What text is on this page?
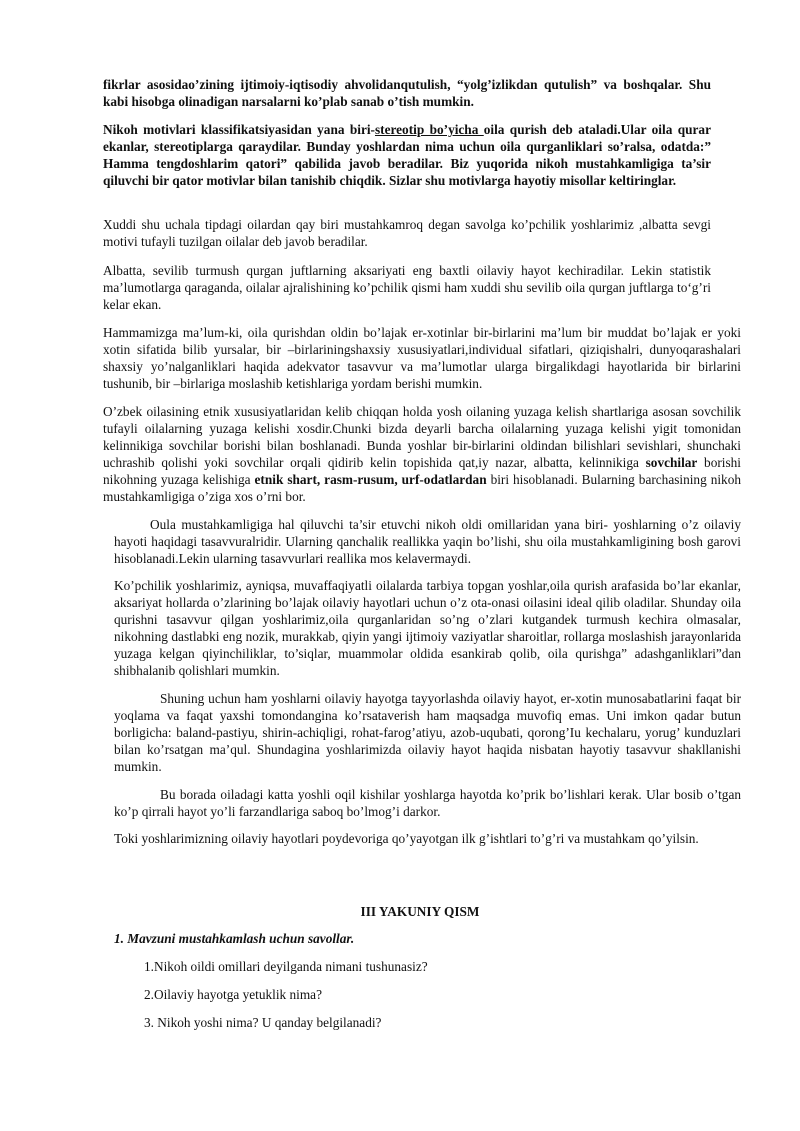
fikrlar asosidao’zining ijtimoiy-iqtisodiy ahvolidanqutulish, “yolg’izlikdan qutulish” va boshqalar. Shu kabi hisobga olinadigan narsalarni ko’plab sanab o’tish mumkin.

Nikoh motivlari klassifikatsiyasidan yana biri-stereotip bo’yicha oila qurish deb ataladi.Ular oila qurar ekanlar, stereotiplarga qaraydilar. Bunday yoshlardan nima uchun oila qurganliklari so’ralsa, odatda:” Hamma tengdoshlarim qatori” qabilida javob beradilar. Biz yuqorida nikoh mustahkamligiga ta’sir qiluvchi bir qator motivlar bilan tanishib chiqdik. Sizlar shu motivlarga hayotiy misollar keltiringlar.

Xuddi shu uchala tipdagi oilardan qay biri mustahkamroq degan savolga ko’pchilik yoshlarimiz ,albatta sevgi motivi tufayli tuzilgan oilalar deb javob beradilar.

Albatta, sevilib turmush qurgan juftlarning aksariyati eng baxtli oilaviy hayot kechiradilar. Lekin statistik ma’lumotlarga qaraganda, oilalar ajralishining ko’pchilik qismi ham xuddi shu sevilib oila qurgan juftlarga to‘g’ri kelar ekan.

Hammamizga ma’lum-ki, oila qurishdan oldin bo’lajak er-xotinlar bir-birlarini ma’lum bir muddat bo’lajak er yoki xotin sifatida bilib yursalar, bir –birlariningshaxsiy xususiyatlari,individual sifatlari, qiziqishalri, dunyoqarashalari shaxsiy yo’nalganliklari haqida adekvator tasavvur va ma’lumotlar ularga birgalikdagi hayotlarida bir birlarini tushunib, bir –birlariga moslashib ketishlariga yordam berishi mumkin.

O’zbek oilasining etnik xususiyatlaridan kelib chiqqan holda yosh oilaning yuzaga kelish shartlariga asosan sovchilik tufayli oilalarning yuzaga kelishi xosdir.Chunki bizda deyarli barcha oilalarning yuzaga kelishi yigit tomonidan kelinnikiga sovchilar borishi bilan boshlanadi. Bunda yoshlar bir-birlarini oldindan bilishlari sevishlari, shunchaki uchrashib qolishi yoki sovchilar orqali qidirib kelin topishida qat,iy nazar, albatta, kelinnikiga sovchilar borishi nikohning yuzaga kelishiga etnik shart, rasm-rusum, urf-odatlardan biri hisoblanadi. Bularning barchasining nikoh mustahkamligiga o’ziga xos o’rni bor.

Oula mustahkamligiga hal qiluvchi ta’sir etuvchi nikoh oldi omillaridan yana biri- yoshlarning o’z oilaviy hayoti haqidagi tasavvuralridir. Ularning qanchalik reallikka yaqin bo’lishi, shu oila mustahkamligining bosh garovi hisoblanadi.Lekin ularning tasavvurlari reallika mos kelavermaydi.

Ko’pchilik yoshlarimiz, ayniqsa, muvaffaqiyatli oilalarda tarbiya topgan yoshlar,oila qurish arafasida bo’lar ekanlar, aksariyat hollarda o’zlarining bo’lajak oilaviy hayotlari uchun o’z ota-onasi oilasini ideal qilib oladilar. Shunday oila qurishni tasavvur qilgan yoshlarimiz,oila qurganlaridan so’ng o’zlari kutgandek turmush kechira olmasalar, nikohning dastlabki eng nozik, murakkab, qiyin yangi ijtimoiy vaziyatlar sharoitlar, rollarga moslashish jarayonlarida yuzaga kelgan qiyinchiliklar, to’siqlar, muammolar oldida esankirab qolib, oila qurishga” adashganliklari”dan shibhalanib qolishlari mumkin.

Shuning uchun ham yoshlarni oilaviy hayotga tayyorlashda oilaviy hayot, er-xotin munosabatlarini faqat bir yoqlama va faqat yaxshi tomondangina ko’rsataverish ham maqsadga muvofiq emas. Uni imkon qadar butun borligicha: baland-pastiyu, shirin-achiqligi, rohat-farog’atiyu, azob-uqubati, qorong’Iu kechalaru, yorug’ kunduzlari bilan ko’rsatgan ma’qul. Shundagina yoshlarimizda oilaviy hayot haqida nisbatan hayotiy tasavvur shakllanishi mumkin.

Bu borada oiladagi katta yoshli oqil kishilar yoshlarga hayotda ko’prik bo’lishlari kerak. Ular bosib o’tgan ko’p qirrali hayot yo’li farzandlariga saboq bo’lmog’i darkor.

Toki yoshlarimizning oilaviy hayotlari poydevoriga qo’yayotgan ilk g’ishtlari to’g’ri va mustahkam qo’yilsin.

III YAKUNIY QISM
1. Mavzuni mustahkamlash uchun savollar.
1.Nikoh oildi omillari deyilganda nimani tushunasiz?
2.Oilaviy hayotga yetuklik nima?
3. Nikoh yoshi nima? U qanday belgilanadi?
